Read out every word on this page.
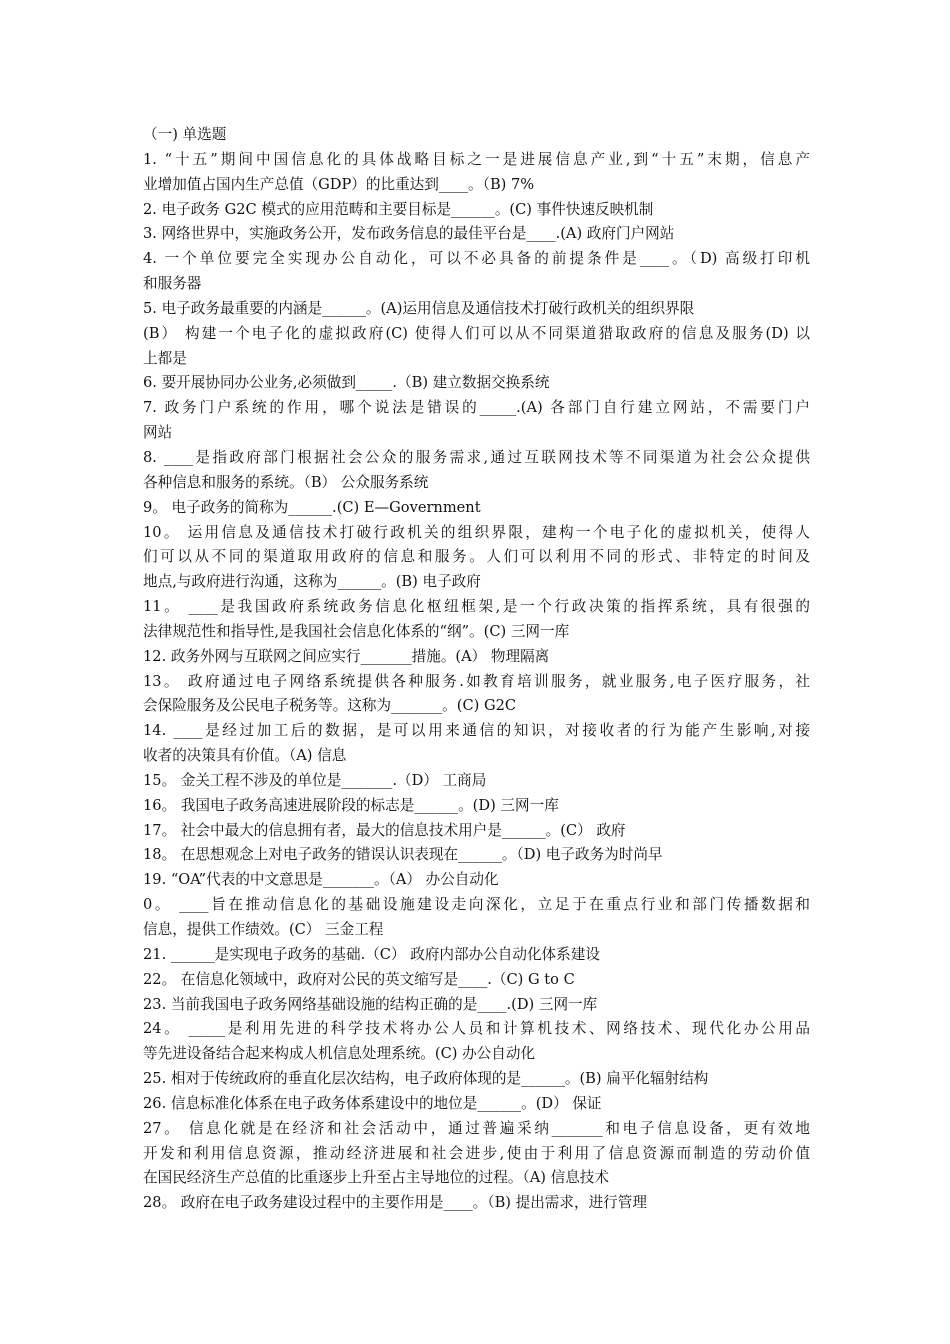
（一) 单选题
1. “十五”期间中国信息化的具体战略目标之一是进展信息产业,到“十五”末期，信息产
业增加值占国内生产总值（GDP）的比重达到____。（B) 7%
2. 电子政务 G2C 模式的应用范畴和主要目标是______。(C) 事件快速反映机制
3. 网络世界中，实施政务公开，发布政务信息的最佳平台是____.(A) 政府门户网站
4. 一个单位要完全实现办公自动化，可以不必具备的前提条件是____。（D) 高级打印机
和服务器
5. 电子政务最重要的内涵是______。(A)运用信息及通信技术打破行政机关的组织界限
(B） 构建一个电子化的虚拟政府(C) 使得人们可以从不同渠道猎取政府的信息及服务(D) 以
上都是
6. 要开展协同办公业务,必须做到_____.（B) 建立数据交换系统
7. 政务门户系统的作用，哪个说法是错误的_____.(A) 各部门自行建立网站，不需要门户
网站
8. ____是指政府部门根据社会公众的服务需求,通过互联网技术等不同渠道为社会公众提供
各种信息和服务的系统。（B） 公众服务系统
9。 电子政务的简称为______.(C) E—Government
10。 运用信息及通信技术打破行政机关的组织界限，建构一个电子化的虚拟机关，使得人
们可以从不同的渠道取用政府的信息和服务。人们可以利用不同的形式、非特定的时间及
地点,与政府进行沟通，这称为______。(B) 电子政府
11。 ____是我国政府系统政务信息化枢纽框架,是一个行政决策的指挥系统，具有很强的
法律规范性和指导性,是我国社会信息化体系的“纲”。(C) 三网一库
12. 政务外网与互联网之间应实行_______措施。(A） 物理隔离
13。 政府通过电子网络系统提供各种服务.如教育培训服务，就业服务,电子医疗服务，社
会保险服务及公民电子税务等。这称为_______。(C) G2C
14. ____是经过加工后的数据，是可以用来通信的知识，对接收者的行为能产生影响,对接
收者的决策具有价值。（A) 信息
15。 金关工程不涉及的单位是_______.（D） 工商局
16。 我国电子政务高速进展阶段的标志是______。(D) 三网一库
17。 社会中最大的信息拥有者，最大的信息技术用户是______。(C） 政府
18。 在思想观念上对电子政务的错误认识表现在______。（D) 电子政务为时尚早
19. “OA”代表的中文意思是_______。（A） 办公自动化
0。 ____旨在推动信息化的基础设施建设走向深化，立足于在重点行业和部门传播数据和
信息，提供工作绩效。(C） 三金工程
21. ______是实现电子政务的基础.（C） 政府内部办公自动化体系建设
22。 在信息化领域中，政府对公民的英文缩写是____.（C) G to C
23. 当前我国电子政务网络基础设施的结构正确的是____.(D) 三网一库
24。 _____是利用先进的科学技术将办公人员和计算机技术、网络技术、现代化办公用品
等先进设备结合起来构成人机信息处理系统。(C) 办公自动化
25. 相对于传统政府的垂直化层次结构，电子政府体现的是______。(B) 扁平化辐射结构
26. 信息标准化体系在电子政务体系建设中的地位是______。(D） 保证
27。 信息化就是在经济和社会活动中，通过普遍采纳_______和电子信息设备，更有效地
开发和利用信息资源，推动经济进展和社会进步,使由于利用了信息资源而制造的劳动价值
在国民经济生产总值的比重逐步上升至占主导地位的过程。（A) 信息技术
28。 政府在电子政务建设过程中的主要作用是____。（B) 提出需求，进行管理
